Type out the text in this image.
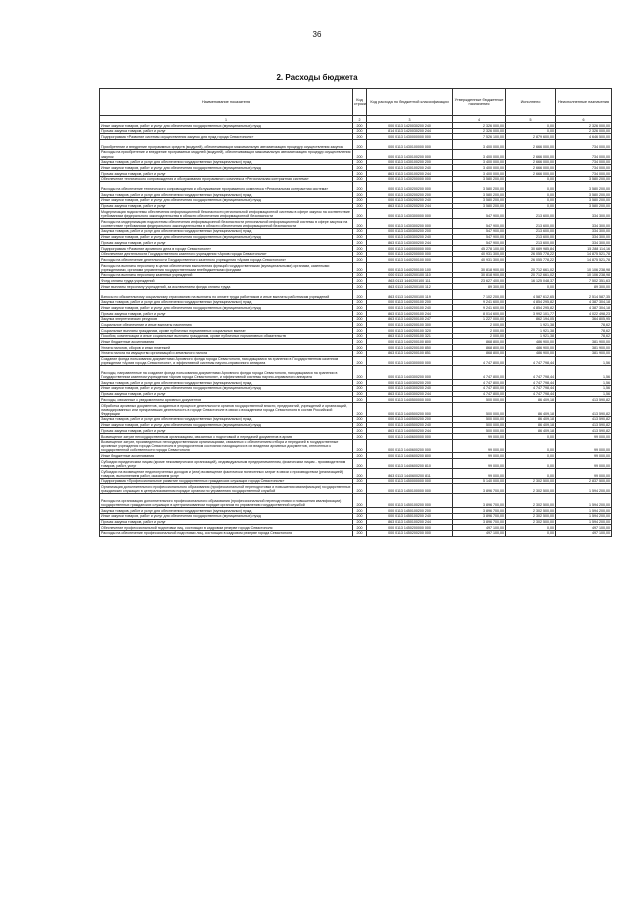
36
2. Расходы бюджета
Наименование показателя	Код строки	Код расхода по бюджетной классификации	Утвержденные бюджетные назначения	Исполнено	Неисполненные назначения
1	2	3	4	5	6
Иные закупки товаров, работ и услуг для обеспечения государственных (муниципальных) нужд	200	000 0113 1420030200 240	2 326 000,00	0,00	2 326 000,00
Прочая закупка товаров, работ и услуг	200	814 0113 1420030200 244	2 326 000,00	0,00	2 326 000,00
Подпрограмма «Развитие системы осуществления закупок для нужд города Севастополя»	200	000 0113 1430000000 000	7 526 100,00	2 879 600,00	4 646 500,00
Приобретение и внедрение программных средств (модулей), обеспечивающих максимальную автоматизацию процедур осуществления закупок	200	000 0113 1430100000 000	3 400 000,00	2 666 000,00	734 000,00
Расходы на приобретение и внедрение программных модулей (модулей), обеспечивающих максимальную автоматизацию процедур осуществления закупок	200	000 0113 1430100200 000	3 400 000,00	2 666 000,00	734 000,00
Закупка товаров, работ и услуг для обеспечения государственных (муниципальных) нужд	200	000 0113 1430100200 200	3 400 000,00	2 666 000,00	734 000,00
Иные закупки товаров, работ и услуг для обеспечения государственных (муниципальных) нужд	200	000 0113 1430100200 240	3 400 000,00	2 666 000,00	734 000,00
Прочая закупка товаров, работ и услуг	200	863 0113 1430100200 244	3 400 000,00	2 666 000,00	734 000,00
Обеспечение технического сопровождения и обслуживания программного комплекса «Региональная контрактная система»	200	000 0113 1430200000 000	3 580 200,00	0,00	3 580 200,00
Расходы на обеспечение технического сопровождения и обслуживание программного комплекса «Региональная контрактная система»	200	000 0113 1430200200 000	3 580 200,00	0,00	3 580 200,00
Закупка товаров, работ и услуг для обеспечения государственных (муниципальных) нужд	200	000 0113 1430200200 200	3 580 200,00	0,00	3 580 200,00
Иные закупки товаров, работ и услуг для обеспечения государственных (муниципальных) нужд	200	000 0113 1430200200 240	3 580 200,00	0,00	3 580 200,00
Прочая закупка товаров, работ и услуг	200	863 0113 1430200200 244	3 580 200,00	0,00	3 580 200,00
Модернизация подсистемы обеспечения информационной безопасности региональной информационной системы в сфере закупок на соответствие требованиям федерального законодательства в области обеспечения информационной безопасности	200	000 0113 1430300000 000	547 900,00	213 600,00	334 300,00
Расходы на модернизацию подсистемы обеспечения информационной безопасности региональной информационной системы в сфере закупок на соответствие требованиям федерального законодательства в области обеспечения информационной безопасности	200	000 0113 1430300200 000	547 900,00	213 600,00	334 300,00
Закупка товаров, работ и услуг для обеспечения государственных (муниципальных) нужд	200	000 0113 1430300200 200	547 900,00	213 600,00	334 300,00
Иные закупки товаров, работ и услуг для обеспечения государственных (муниципальных) нужд	200	000 0113 1430300200 240	547 900,00	213 600,00	334 300,00
Прочая закупка товаров, работ и услуг	200	863 0113 1430300200 244	547 900,00	213 600,00	334 300,00
Подпрограмма «Развитие архивного дела в городе Севастополе»	200	000 0113 1440000000 000	45 278 100,00	30 689 985,84	15 288 114,16
Обеспечение деятельности Государственного казенного учреждения «Архив города Севастополя»	200	000 0113 1440200000 000	40 931 300,00	26 055 778,22	14 875 521,78
Расходы на обеспечение деятельности Государственного казенного учреждения «Архив города Севастополя»	200	000 0113 1440200100 000	40 931 300,00	26 055 778,22	14 875 521,78
Расходы на выплаты персоналу в целях обеспечения выполнения функций государственными (муниципальными) органами, казенными учреждениями, органами управления государственными внебюджетными фондами	200	000 0113 1440200100 100	30 818 900,00	20 712 661,02	10 106 238,98
Расходы на выплаты персоналу казенных учреждений	200	000 0113 1440200100 110	30 818 900,00	20 712 661,02	10 106 238,98
Фонд оплаты труда учреждений	200	863 0113 1440200100 111	23 627 400,00	16 125 048,37	7 502 351,63
Иные выплаты персоналу учреждений, за исключением фонда оплаты труда	200	863 0113 1440200100 112	89 300,00	0,00	89 300,00
Взносы по обязательному социальному страхованию на выплаты по оплате труда работников и иные выплаты работникам учреждений	200	863 0113 1440200100 119	7 102 200,00	4 587 612,65	2 514 587,35
Закупка товаров, работ и услуг для обеспечения государственных (муниципальных) нужд	200	000 0113 1440200100 200	9 241 600,00	4 854 295,82	4 387 304,18
Иные закупки товаров, работ и услуг для обеспечения государственных (муниципальных) нужд	200	000 0113 1440200100 240	9 241 600,00	4 854 295,82	4 387 304,18
Прочая закупка товаров, работ и услуг	200	863 0113 1440200100 244	8 014 600,00	3 992 101,77	4 022 498,23
Закупка энергетических ресурсов	200	863 0113 1440200100 247	1 227 000,00	862 194,05	364 805,95
Социальное обеспечение и иные выплаты населению	200	000 0113 1440200100 300	2 000,00	1 921,38	78,62
Социальные выплаты гражданам, кроме публичных нормативных социальных выплат	200	000 0113 1440200100 320	2 000,00	1 921,38	78,62
Пособия, компенсации и иные социальные выплаты гражданам, кроме публичных нормативных обязательств	200	863 0113 1440200100 321	2 000,00	1 921,38	78,62
Иные бюджетные ассигнования	200	000 0113 1440200100 800	868 800,00	486 900,00	381 900,00
Уплата налогов, сборов и иных платежей	200	000 0113 1440200100 850	868 800,00	486 900,00	381 900,00
Уплата налога на имущество организаций и земельного налога	200	863 0113 1440200100 851	868 800,00	486 900,00	381 900,00
Создание фонда пользования документами Архивного фонда города Севастополя, находящимися на хранении в Государственном казенном учреждении «Архив города Севастополя», и эффективной системы научно-справочного аппарата	200	000 0113 1440300000 000	4 747 800,00	4 747 798,44	1,56
Расходы, направленные на создание фонда пользования документами Архивного фонда города Севастополя, находящимися на хранении в Государственном казенном учреждении «Архив города Севастополя», и эффективной системы научно-справочного аппарата	200	000 0113 1440300200 000	4 747 800,00	4 747 798,44	1,56
Закупка товаров, работ и услуг для обеспечения государственных (муниципальных) нужд	200	000 0113 1440300200 200	4 747 800,00	4 747 798,44	1,56
Иные закупки товаров, работ и услуг для обеспечения государственных (муниципальных) нужд	200	000 0113 1440300200 240	4 747 800,00	4 747 798,44	1,56
Прочая закупка товаров, работ и услуг	200	863 0113 1440300200 244	4 747 800,00	4 747 798,44	1,56
Расходы, связанные с уведомлением архивных документов	200	000 0113 1440500000 000	500 000,00	86 409,18	413 590,82
Обработка архивных документов, созданных в процессе деятельности органов государственной власти, предприятий, учреждений и организаций, ликвидированных или прекративших деятельность в городе Севастополе в связи с вхождением города Севастополя в состав Российской Федерации	200	000 0113 1440500200 000	500 000,00	86 409,18	413 590,82
Закупка товаров, работ и услуг для обеспечения государственных (муниципальных) нужд	200	000 0113 1440500200 200	500 000,00	86 409,18	413 590,82
Иные закупки товаров, работ и услуг для обеспечения государственных (муниципальных) нужд	200	000 0113 1440500200 240	500 000,00	86 409,18	413 590,82
Прочая закупка товаров, работ и услуг	200	863 0113 1440500200 244	500 000,00	86 409,18	413 590,82
Возмещение затрат негосударственным организациям, связанных с подготовкой и передачей документов в архив	200	000 0113 1440600000 000	99 000,00	0,00	99 000,00
Возмещение затрат, произведенных негосударственными организациями, связанных с обеспечением отбора и передачей в государственные архивные учреждения города Севастополя в упорядоченном состоянии находящихся в их владении архивных документов, отнесенных к государственной собственности города Севастополя	200	000 0113 1440600200 000	99 000,00	0,00	99 000,00
Иные бюджетные ассигнования	200	000 0113 1440600200 800	99 000,00	0,00	99 000,00
Субсидии юридическим лицам (кроме некоммерческих организаций), индивидуальным предпринимателям, физическим лицам - производителям товаров, работ, услуг	200	000 0113 1440600200 810	99 000,00	0,00	99 000,00
Субсидии на возмещение недополученных доходов и (или) возмещение фактически понесенных затрат в связи с производством (реализацией) товаров, выполнением работ, оказанием услуг	200	863 0113 1440600200 811	99 000,00	0,00	99 000,00
Подпрограмма «Профессиональное развитие государственных гражданских служащих города Севастополя»	200	000 0113 1450000000 000	5 140 000,00	2 302 500,00	2 837 500,00
Организация дополнительного профессионального образования (профессиональной переподготовки и повышения квалификации) государственных гражданских служащих в централизованном порядке органом по управлению государственной службой	200	000 0113 1450100000 000	3 896 700,00	2 302 500,00	1 594 200,00
Расходы на организацию дополнительного профессионального образования (профессиональной переподготовки и повышения квалификации) государственных гражданских служащих в централизованном порядке органом по управлению государственной службой	200	000 0113 1450100200 000	3 896 700,00	2 302 500,00	1 594 200,00
Закупка товаров, работ и услуг для обеспечения государственных (муниципальных) нужд	200	000 0113 1450100200 200	3 896 700,00	2 302 500,00	1 594 200,00
Иные закупки товаров, работ и услуг для обеспечения государственных (муниципальных) нужд	200	000 0113 1450100200 240	3 896 700,00	2 302 500,00	1 594 200,00
Прочая закупка товаров, работ и услуг	200	863 0113 1450100200 244	3 896 700,00	2 302 500,00	1 594 200,00
Обеспечение профессиональной подготовки лиц, состоящих в кадровом резерве города Севастополя	200	000 0113 1450200000 000	497 100,00	0,00	497 100,00
Расходы на обеспечение профессиональной подготовки лиц, состоящих в кадровом резерве города Севастополя	200	000 0113 1450200200 000	497 100,00	0,00	497 100,00
